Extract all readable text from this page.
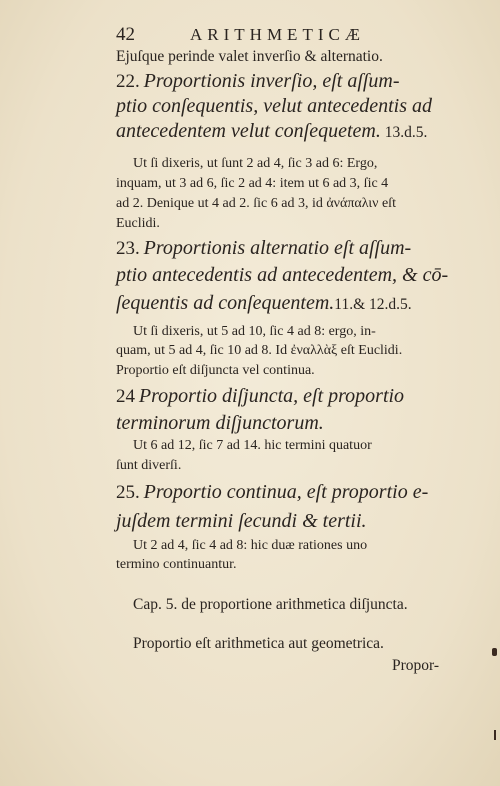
42	ARITHMETICÆ
Ejuſque perinde valet inverſio & alternatio.
22. Proportionis inverſio, eſt aſſum-
ptio conſequentis, velut antecedentis ad
antecedentem velut conſequetem. 13.d.5.
Ut ſi dixeris, ut ſunt 2 ad 4, ſic 3 ad 6: Ergo,
inquam, ut 3 ad 6, ſic 2 ad 4: item ut 6 ad 3, ſic 4
ad 2. Denique ut 4 ad 2. ſic 6 ad 3, id ἀνάπαλιν eſt
Euclidi.
23. Proportionis alternatio eſt aſſum-
ptio antecedentis ad antecedentem, & cō-
ſequentis ad conſequentem.11.& 12.d.5.
Ut ſi dixeris, ut 5 ad 10, ſic 4 ad 8: ergo, in-
quam, ut 5 ad 4, ſic 10 ad 8. Id ἐναλλὰξ eſt Euclidi.
Proportio eſt diſjuncta vel continua.
24 Proportio diſjuncta, eſt proportio
terminorum diſjunctorum.
Ut 6 ad 12, ſic 7 ad 14. hic termini quatuor
ſunt diverſi.
25. Proportio continua, eſt proportio e-
juſdem termini ſecundi & tertii.
Ut 2 ad 4, ſic 4 ad 8: hic duæ rationes uno
termino continuantur.
Cap. 5. de proportione arithmetica diſjuncta.
Proportio eſt arithmetica aut geometrica.
Propor-
